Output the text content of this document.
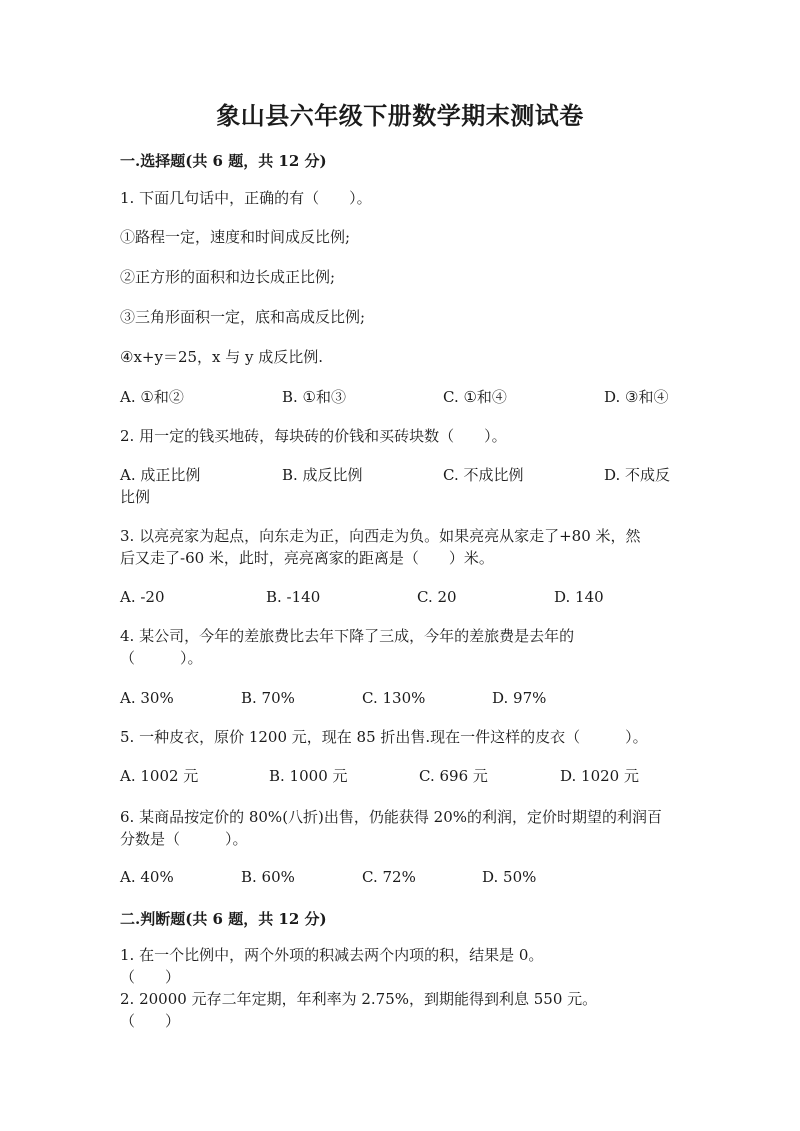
象山县六年级下册数学期末测试卷
一.选择题(共 6 题，共 12 分)
1. 下面几句话中，正确的有（　　）。
①路程一定，速度和时间成反比例;
②正方形的面积和边长成正比例;
③三角形面积一定，底和高成反比例;
④x+y＝25，x 与 y 成反比例.
A. ①和②	B. ①和③	C. ①和④	D. ③和④
2. 用一定的钱买地砖，每块砖的价钱和买砖块数（　　）。
A. 成正比例	B. 成反比例	C. 不成比例	D. 不成反
比例
3. 以亮亮家为起点，向东走为正，向西走为负。如果亮亮从家走了+80 米，然
后又走了-60 米，此时，亮亮离家的距离是（　　）米。
A. -20	B. -140	C. 20	D. 140
4. 某公司，今年的差旅费比去年下降了三成，今年的差旅费是去年的
（　　　）。
A. 30%	B. 70%	C. 130%	D. 97%
5. 一种皮衣，原价 1200 元，现在 85 折出售.现在一件这样的皮衣（　　　）。
A. 1002 元	B. 1000 元	C. 696 元	D. 1020 元
6. 某商品按定价的 80%(八折)出售，仍能获得 20%的利润，定价时期望的利润百
分数是（　　　）。
A. 40%	B. 60%	C. 72%	D. 50%
二.判断题(共 6 题，共 12 分)
1. 在一个比例中，两个外项的积减去两个内项的积，结果是 0。
（　　）
2. 20000 元存二年定期，年利率为 2.75%，到期能得到利息 550 元。
（　　）
